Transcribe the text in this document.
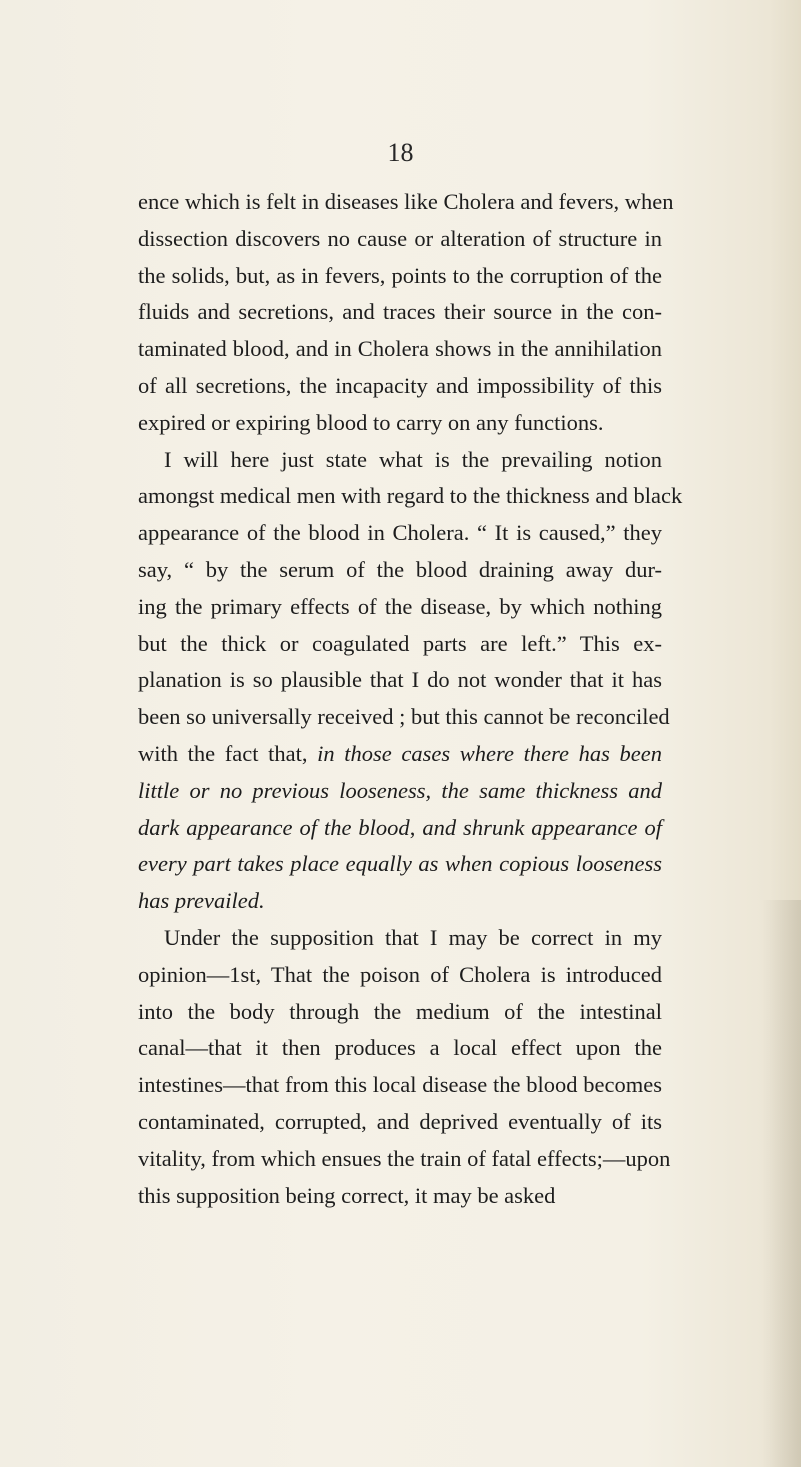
18
ence which is felt in diseases like Cholera and fevers, when
dissection discovers no cause or alteration of structure in
the solids, but, as in fevers, points to the corruption of the
fluids and secretions, and traces their source in the con-
taminated blood, and in Cholera shows in the annihilation
of all secretions, the incapacity and impossibility of this
expired or expiring blood to carry on any functions.
I will here just state what is the prevailing notion
amongst medical men with regard to the thickness and black
appearance of the blood in Cholera. “ It is caused,” they
say, “ by the serum of the blood draining away dur-
ing the primary effects of the disease, by which nothing
but the thick or coagulated parts are left.” This ex-
planation is so plausible that I do not wonder that it has
been so universally received ; but this cannot be reconciled
with the fact that, in those cases where there has been
little or no previous looseness, the same thickness and
dark appearance of the blood, and shrunk appearance of
every part takes place equally as when copious looseness
has prevailed.
Under the supposition that I may be correct in my
opinion—1st, That the poison of Cholera is introduced
into the body through the medium of the intestinal
canal—that it then produces a local effect upon the
intestines—that from this local disease the blood becomes
contaminated, corrupted, and deprived eventually of its
vitality, from which ensues the train of fatal effects;—upon
this supposition being correct, it may be asked
